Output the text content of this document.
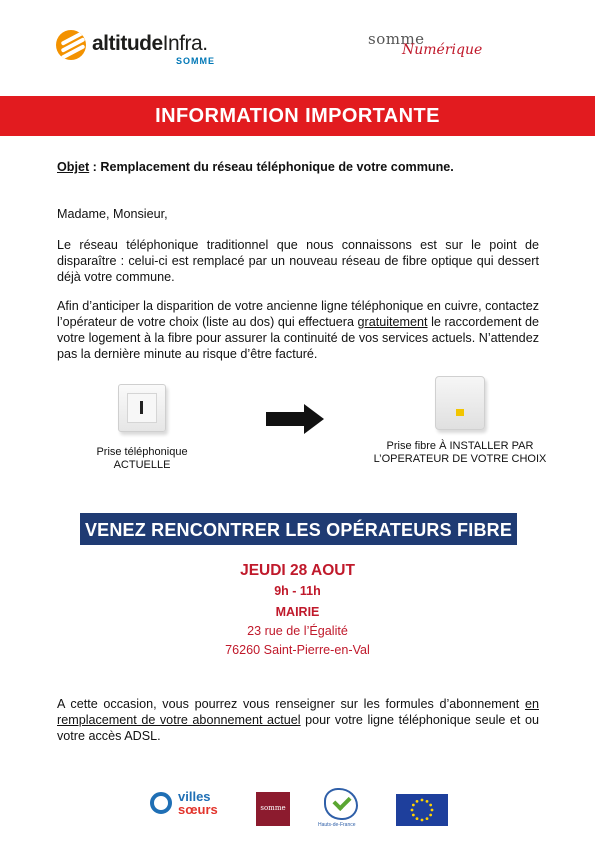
altitudeInfra.
SOMME
somme
Numérique
INFORMATION IMPORTANTE
Objet : Remplacement du réseau téléphonique de votre commune.
Madame, Monsieur,
Le réseau téléphonique traditionnel que nous connaissons est sur le point de disparaître : celui-ci est remplacé par un nouveau réseau de fibre optique qui dessert déjà votre commune.
Afin d’anticiper la disparition de votre ancienne ligne téléphonique en cuivre, contactez l’opérateur de votre choix (liste au dos) qui effectuera gratuitement le raccordement de votre logement à la fibre pour assurer la continuité de vos services actuels. N’attendez pas la dernière minute au risque d’être facturé.
Prise téléphonique
ACTUELLE
Prise fibre À INSTALLER PAR
L’OPERATEUR DE VOTRE CHOIX
VENEZ RENCONTRER LES OPÉRATEURS FIBRE
JEUDI 28 AOUT
9h - 11h
MAIRIE
23 rue de l’Égalité
76260 Saint-Pierre-en-Val
A cette occasion, vous pourrez vous renseigner sur les formules d’abonnement en remplacement de votre abonnement actuel pour votre ligne téléphonique seule et ou votre accès ADSL.
villes
sœurs	somme
Hauts-de-France
